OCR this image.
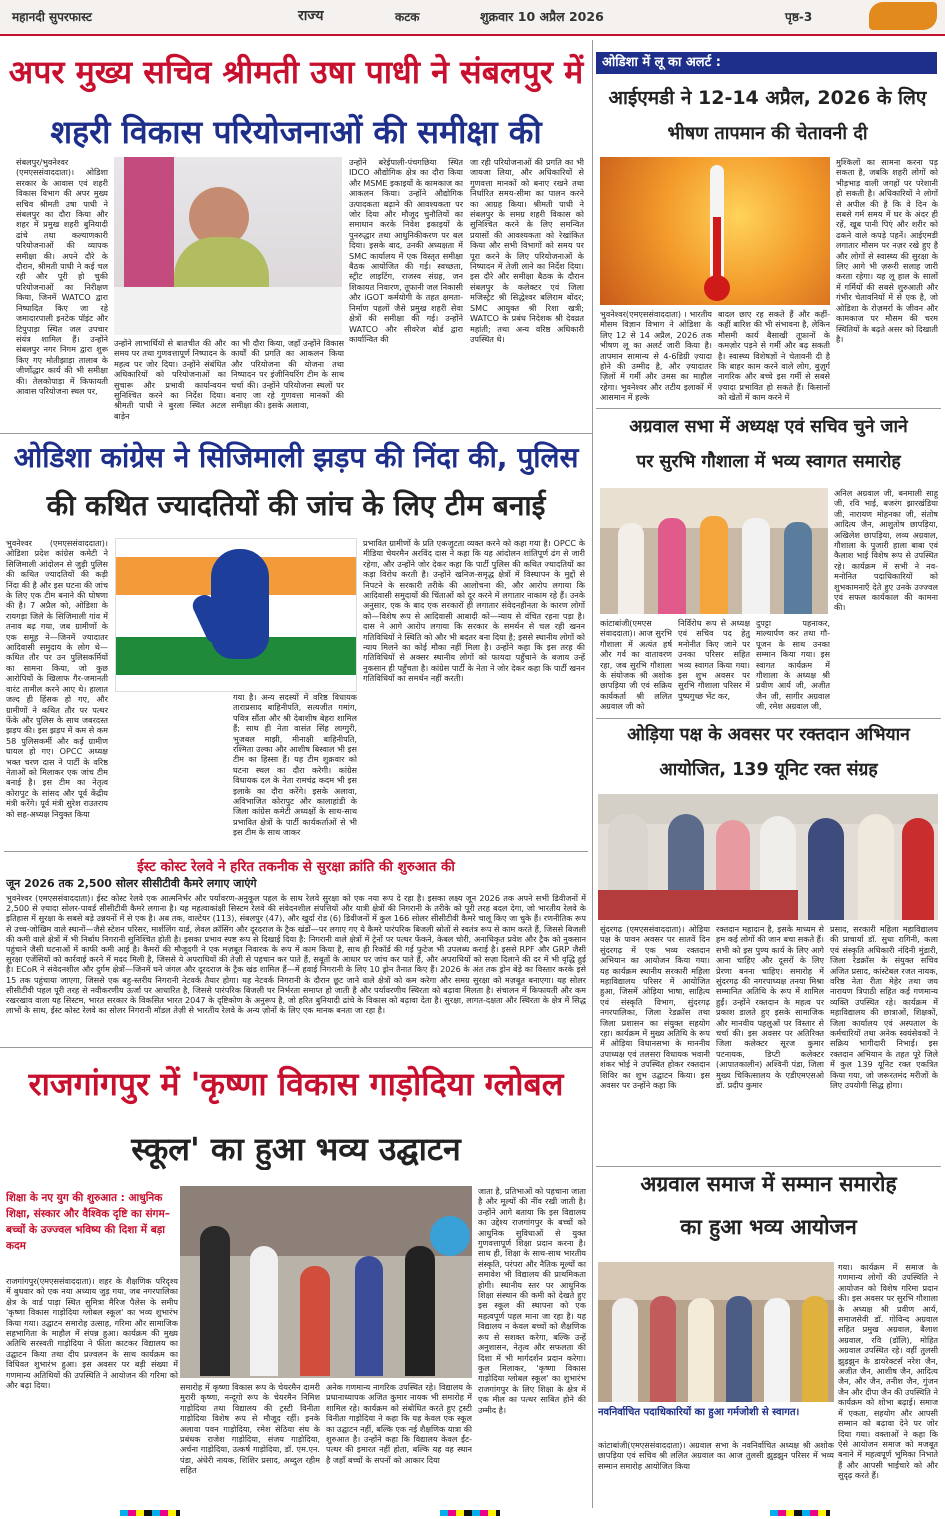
महानदी सुपरफास्ट	राज्य	कटक	शुक्रवार 10 अप्रैल 2026	पृष्ठ-3
अपर मुख्य सचिव श्रीमती उषा पाधी ने संबलपुर में
शहरी विकास परियोजनाओं की समीक्षा की
संबलपुर/भुवनेश्वर (एमएससंवाददाता)। ओडिशा सरकार के आवास एवं शहरी विकास विभाग की अपर मुख्य सचिव श्रीमती उषा पाधी ने संबलपुर का दौरा किया और शहर में प्रमुख शहरी बुनियादी ढांचे तथा कल्याणकारी परियोजनाओं की व्यापक समीक्षा की। अपने दौरे के दौरान, श्रीमती पाधी ने कई चल रही और पूरी हो चुकी परियोजनाओं का निरीक्षण किया, जिनमें WATCO द्वारा निष्पादित किए जा रहे जमादारपाली इनटेक पॉइंट और टिपुपाड़ा स्थित जल उपचार संयंत्र शामिल हैं। उन्होंने संबलपुर नगर निगम द्वारा शुरू किए गए मोतीझाड़ा तालाब के जीर्णोद्धार कार्य की भी समीक्षा की। तेलकोपाड़ा में किफायती आवास परियोजना स्थल पर,
उन्होंने लाभार्थियों से बातचीत की और समय पर तथा गुणवत्तापूर्ण निष्पादन के महत्व पर जोर दिया। उन्होंने संबंधित अधिकारियों को परियोजनाओं का सुचारू और प्रभावी कार्यान्वयन सुनिश्चित करने का निर्देश दिया। श्रीमती पाधी ने बुरला स्थित अटल बाड़ेन
का भी दौरा किया, जहाँ उन्होंने विकास कार्यों की प्रगति का आकलन किया और परियोजना की योजना तथा निष्पादन पर इंजीनियरिंग टीम के साथ चर्चा की। उन्होंने परियोजना स्थलों पर बनाए जा रहे गुणवत्ता मानकों की समीक्षा की। इसके अलावा,
उन्होंने बरेईपाली-पंचगछिया स्थित IDCO औद्योगिक क्षेत्र का दौरा किया और MSME इकाइयों के कामकाज का आकलन किया। उन्होंने औद्योगिक उत्पादकता बढ़ाने की आवश्यकता पर जोर दिया और मौजूद चुनौतियों का समाधान करके निवेश इकाइयों के पुनरुद्धार तथा आधुनिकीकरण पर बल दिया। इसके बाद, उनकी अध्यक्षता में SMC कार्यालय में एक विस्तृत समीक्षा बैठक आयोजित की गई। स्वच्छता, स्ट्रीट लाइटिंग, राजस्व संग्रह, जन शिकायत निवारण, तूफानी जल निकासी और iGOT कर्मयोगी के तहत क्षमता-निर्माण पहलों जैसे प्रमुख शहरी सेवा क्षेत्रों की समीक्षा की गई। उन्होंने WATCO और सीवरेज बोर्ड द्वारा कार्यान्वित की
जा रही परियोजनाओं की प्रगति का भी जायजा लिया, और अधिकारियों से गुणवत्ता मानकों को बनाए रखने तथा निर्धारित समय-सीमा का पालन करने का आग्रह किया। श्रीमती पाधी ने संबलपुर के समग्र शहरी विकास को सुनिश्चित करने के लिए समन्वित प्रयासों की आवश्यकता को रेखांकित किया और सभी विभागों को समय पर पूरा करने के लिए परियोजनाओं के निष्पादन में तेजी लाने का निर्देश दिया। इस दौरे और समीक्षा बैठक के दौरान संबलपुर के कलेक्टर एवं जिला मजिस्ट्रेट श्री सिद्धेश्वर बलिराम बोंदर; SMC आयुक्त श्री रिशा खत्री; WATCO के प्रबंध निदेशक श्री देवव्रत महांती; तथा अन्य वरिष्ठ अधिकारी उपस्थित थे।
ओडिशा कांग्रेस ने सिजिमाली झड़प की निंदा की, पुलिस
की कथित ज्यादतियों की जांच के लिए टीम बनाई
भुवनेश्वर (एमएससंवाददाता)। ओडिशा प्रदेश कांग्रेस कमेटी ने सिजिमाली आंदोलन से जुड़ी पुलिस की कथित ज्यादतियों की कड़ी निंदा की है और इस घटना की जांच के लिए एक टीम बनाने की घोषणा की है। 7 अप्रैल को, ओडिशा के रायगड़ा जिले के सिजिमाली गांव में तनाव बढ़ गया, जब ग्रामीणों के एक समूह ने—जिनमें ज्यादातर आदिवासी समुदाय के लोग थे—कथित तौर पर उन पुलिसकर्मियों का सामना किया, जो कुछ आरोपियों के खिलाफ गैर-जमानती वारंट तामील करने आए थे। हालात जल्द ही हिंसक हो गए, और ग्रामीणों ने कथित तौर पर पत्थर फेंके और पुलिस के साथ जबरदस्त झड़प की। इस झड़प में कम से कम 58 पुलिसकर्मी और कई ग्रामीण घायल हो गए। OPCC अध्यक्ष भक्त चरण दास ने पार्टी के वरिष्ठ नेताओं को मिलाकर एक जांच टीम बनाई है। इस टीम का नेतृत्व कोरापुट के सांसद और पूर्व केंद्रीय मंत्री करेंगे। पूर्व मंत्री सुरेश राउतराय को सह-अध्यक्ष नियुक्त किया
गया है। अन्य सदस्यों में वरिष्ठ विधायक ताराप्रसाद बाहिनीपति, सत्यजीत गमांग, पवित्र सौंता और श्री देबाशीष बेहरा शामिल हैं; साथ ही नेता वासंत सिंह लाग्गुरी, भुजबल माझी, मीनाक्षी बाहिनीपति, रश्मिता उल्का और आशीष बिस्वाल भी इस टीम का हिस्सा हैं। यह टीम शुक्रवार को घटना स्थल का दौरा करेगी। कांग्रेस विधायक दल के नेता रामचंद्र कदम भी इस इलाके का दौरा करेंगे। इसके अलावा, अविभाजित कोरापुट और कालाहांडी के जिला कांग्रेस कमेटी अध्यक्षों के साथ-साथ प्रभावित क्षेत्रों के पार्टी कार्यकर्ताओं से भी इस टीम के साथ जाकर
प्रभावित ग्रामीणों के प्रति एकजुटता व्यक्त करने को कहा गया है। OPCC के मीडिया चेयरमैन अरविंद दास ने कहा कि यह आंदोलन शांतिपूर्ण ढंग से जारी रहेगा, और उन्होंने जोर देकर कहा कि पार्टी पुलिस की कथित ज्यादतियों का कड़ा विरोध करती है। उन्होंने खनिज-समृद्ध क्षेत्रों में विस्थापन के मुद्दों से निपटने के सरकारी तरीके की आलोचना की, और आरोप लगाया कि आदिवासी समुदायों की चिंताओं को दूर करने में लगातार नाकाम रहे हैं। उनके अनुसार, एक के बाद एक सरकारों ही लगातार संवेदनहीनता के कारण लोगों को—विशेष रूप से आदिवासी आबादी को—न्याय से वंचित रहना पड़ा है। दास ने आगे आरोप लगाया कि सरकार के समर्थन से चल रही खनन गतिविधियों ने स्थिति को और भी बदतर बना दिया है; इससे स्थानीय लोगों को न्याय मिलने का कोई मौका नहीं मिला है। उन्होंने कहा कि इस तरह की गतिविधियों से अक्सर स्थानीय लोगों को फायदा पहुँचाने के बजाय उन्हें नुकसान ही पहुँचता है। कांग्रेस पार्टी के नेता ने जोर देकर कहा कि पार्टी खनन गतिविधियों का समर्थन नहीं करती।
ईस्ट कोस्ट रेलवे ने हरित तकनीक से सुरक्षा क्रांति की शुरुआत की
जून 2026 तक 2,500 सोलर सीसीटीवी कैमरे लगाए जाएंगे
भुवनेश्वर (एमएससंवाददाता)। ईस्ट कोस्ट रेलवे एक आत्मनिर्भर और पर्यावरण-अनुकूल पहल के साथ रेलवे सुरक्षा को एक नया रूप दे रहा है। इसका लक्ष्य जून 2026 तक अपने सभी डिवीजनों में 2,500 से ज़्यादा सोलर-पावर्ड सीसीटीवी कैमरे लगाना है। यह महत्वाकांक्षी सिस्टम रेलवे की संवेदनशील संपत्तियों और यात्री क्षेत्रों की निगरानी के तरीके को पूरी तरह बदल देगा, जो भारतीय रेलवे के इतिहास में सुरक्षा के सबसे बड़े उन्नयनों में से एक है। अब तक, वाल्टेयर (113), संबलपुर (47), और खुर्दा रोड (6) डिवीजनों में कुल 166 सोलर सीसीटीवी कैमरे चालू किए जा चुके हैं। रणनीतिक रूप से उच्च-जोखिम वाले स्थानों—जैसे स्टेशन परिसर, मार्शलिंग यार्ड, लेवल क्रॉसिंग और दूरदराज के ट्रैक खंडों—पर लगाए गए ये कैमरे पारंपरिक बिजली स्रोतों से स्वतंत्र रूप से काम करते हैं, जिससे बिजली की कमी वाले क्षेत्रों में भी निर्बाध निगरानी सुनिश्चित होती है। इसका प्रभाव स्पष्ट रूप से दिखाई दिया है: निगरानी वाले क्षेत्रों में ट्रेनों पर पत्थर फेंकने, केबल चोरी, अनाधिकृत प्रवेश और ट्रैक को नुकसान पहुंचाने जैसी घटनाओं में काफी कमी आई है। कैमरों की मौजूदगी ने एक मज़बूत निवारक के रूप में काम किया है, साथ ही रिकॉर्ड की गई फुटेज भी उपलब्ध कराई है। इससे RPF और GRP जैसी सुरक्षा एजेंसियों को कार्रवाई करने में मदद मिली है, जिससे ये अपराधियों की तेज़ी से पहचान कर पाते हैं, सबूतों के आधार पर जांच कर पाते हैं, और अपराधियों को सज़ा दिलाने की दर में भी वृद्धि हुई है। ECoR ने संवेदनशील और दुर्गम क्षेत्रों—जिनमें घने जंगल और दूरदराज के ट्रैक खंड शामिल हैं—में हवाई निगरानी के लिए 10 ड्रोन तैनात किए हैं। 2026 के अंत तक ड्रोन बेड़े का विस्तार करके इसे 15 तक पहुंचाया जाएगा, जिससे एक बहु-स्तरीय निगरानी नेटवर्क तैयार होगा। यह नेटवर्क निगरानी के दौरान छूट जाने वाले क्षेत्रों को कम करेगा और समग्र सुरक्षा को मज़बूत बनाएगा। यह सोलर सीसीटीवी पहल पूरी तरह से नवीकरणीय ऊर्जा पर आधारित है, जिससे पारंपरिक बिजली पर निर्भरता समाप्त हो जाती है और पर्यावरणीय स्थिरता को बढ़ावा मिलता है। संचालन में किफायती और कम रखरखाव वाला यह सिस्टम, भारत सरकार के विकसित भारत 2047 के दृष्टिकोण के अनुरूप है, जो हरित बुनियादी ढांचे के विकास को बढ़ावा देता है। सुरक्षा, लागत-दक्षता और स्थिरता के क्षेत्र में सिद्ध लाभों के साथ, ईस्ट कोस्ट रेलवे का सोलर निगरानी मॉडल तेज़ी से भारतीय रेलवे के अन्य ज़ोनों के लिए एक मानक बनता जा रहा है।
राजगांगपुर में 'कृष्णा विकास गाड़ोदिया ग्लोबल
स्कूल' का हुआ भव्य उद्घाटन
शिक्षा के नए युग की शुरुआत : आधुनिक शिक्षा, संस्कार और वैश्विक दृष्टि का संगम–बच्चों के उज्ज्वल भविष्य की दिशा में बड़ा कदम
जाता है, प्रतिभाओं को पहचाना जाता है और मूल्यों की नींव रखी जाती है। उन्होंने आगे बताया कि इस विद्यालय का उद्देश्य राजगांगपुर के बच्चों को आधुनिक सुविधाओं से युक्त गुणवत्तापूर्ण शिक्षा प्रदान करना है। साथ ही, शिक्षा के साथ-साथ भारतीय संस्कृति, परंपरा और नैतिक मूल्यों का समावेश भी विद्यालय की प्राथमिकता होगी। स्थानीय स्तर पर आधुनिक शिक्षा संस्थान की कमी को देखते हुए इस स्कूल की स्थापना को एक महत्वपूर्ण पहल माना जा रहा है। यह विद्यालय न केवल बच्चों को शैक्षणिक रूप से सशक्त करेगा, बल्कि उन्हें अनुशासन, नेतृत्व और सफलता की दिशा में भी मार्गदर्शन प्रदान करेगा। कुल मिलाकर, 'कृष्णा विकास गाड़ोदिया ग्लोबल स्कूल' का शुभारंभ राजगांगपुर के लिए शिक्षा के क्षेत्र में एक मील का पत्थर साबित होने की उम्मीद है।
राजगांगपुर(एमएससंवाददाता)। शहर के शैक्षणिक परिदृश्य में बुधवार को एक नया अध्याय जुड़ गया, जब नगरपालिका क्षेत्र के वार्ड पाड़ा स्थित सुमित्रा मैरिज पैलेस के समीप 'कृष्णा विकास गाड़ोदिया ग्लोबल स्कूल' का भव्य शुभारंभ किया गया। उद्घाटन समारोह उत्साह, गरिमा और सामाजिक सहभागिता के माहौल में संपन्न हुआ। कार्यक्रम की मुख्य अतिथि सरस्वती गाड़ोदिया ने फीता काटकर विद्यालय का उद्घाटन किया तथा दीप प्रज्वलन के साथ कार्यक्रम का विधिवत शुभारंभ हुआ। इस अवसर पर बड़ी संख्या में गणमान्य अतिथियों की उपस्थिति ने आयोजन की गरिमा को और बढ़ा दिया।	समारोह में कृष्णा विकास रूप के चेयरमैन दामरी मुरारी कृष्णा, नन्दूगो रूप के चेयरमैन निमिश गाड़ोदिया तथा विद्यालय की ट्रस्टी विनीता गाड़ोदिया विशेष रूप से मौजूद रहीं। इनके अलावा पवन गाड़ोदिया, रमेश सेठिया संघ के प्रबंधक राजेश गाड़ोदिया, संजय गाड़ोदिया, अर्चना गाड़ोदिया, उत्कर्ष गाड़ोदिया, डॉ. एम.एन. पंडा, अंधेरी नायक, शिशिर प्रसाद, अब्दुल रहीम सहित
अनेक गणमान्य नागरिक उपस्थित रहे। विद्यालय के प्रधानाध्यापक अजित कुमार नायक भी समारोह में शामिल रहे। कार्यक्रम को संबोधित करते हुए ट्रस्टी विनीता गाड़ोदिया ने कहा कि यह केवल एक स्कूल का उद्घाटन नहीं, बल्कि एक नई शैक्षणिक यात्रा की शुरुआत है। उन्होंने कहा कि विद्यालय केवल ईंट-पत्थर की इमारत नहीं होता, बल्कि यह वह स्थान है जहाँ बच्चों के सपनों को आकार दिया
ओडिशा में लू का अलर्ट :
आईएमडी ने 12-14 अप्रैल, 2026 के लिए
भीषण तापमान की चेतावनी दी
मुश्किलों का सामना करना पड़ सकता है, जबकि शहरी लोगों को भीड़भाड़ वाली जगहों पर परेशानी हो सकती है। अधिकारियों ने लोगों से अपील की है कि वे दिन के सबसे गर्म समय में घर के अंदर ही रहें, खूब पानी पिएं और शरीर को ढकने वाले कपड़े पहनें। आईएमडी लगातार मौसम पर नज़र रखे हुए है और लोगों से स्वास्थ्य की सुरक्षा के लिए आगे भी ज़रूरी सलाह जारी करता रहेगा। यह लू हाल के सालों में गर्मियों की सबसे शुरुआती और गंभीर चेतावनियों में से एक है, जो ओडिशा के रोज़मर्रा के जीवन और कामकाज पर मौसम की चरम स्थितियों के बढ़ते असर को दिखाती है।
भुवनेश्वर(एमएससंवाददाता) । भारतीय मौसम विज्ञान विभाग ने ओडिशा के लिए 12 से 14 अप्रैल, 2026 तक भीषण लू का अलर्ट जारी किया है। तापमान सामान्य से 4-6डिग्री ज़्यादा होने की उम्मीद है, और ज़्यादातर ज़िलों में गर्मी और उमस का माहौल रहेगा। भुवनेश्वर और तटीय इलाकों में आसमान में हल्के
बादल छाए रह सकते हैं और कहीं-कहीं बारिश की भी संभावना है, लेकिन मौसमी कार्य बैसाखी तूफ़ानों के कमज़ोर पड़ने से गर्मी और बढ़ सकती है। स्वास्थ्य विशेषज्ञों ने चेतावनी दी है कि बाहर काम करने वाले लोग, बुज़ुर्ग नागरिक और बच्चे इस गर्मी से सबसे ज़्यादा प्रभावित हो सकते हैं। किसानों को खेतों में काम करने में
अग्रवाल सभा में अध्यक्ष एवं सचिव चुने जाने
पर सुरभि गौशाला में भव्य स्वागत समारोह
अनिल अग्रवाल जी, बनमाली साहू जी, रवि भाई, बजरंग झारखंडिया जी, नारायण मोहनका जी, संतोष आदित्य जैन, आशुतोष छापड़िया, अखिलेश छापड़िया, लव्य अग्रवाल, गौशाला के पुजारी हाला बाबा एवं कैलाश भाई विशेष रूप से उपस्थित रहे। कार्यक्रम में सभी ने नव-मनोनित पदाधिकारियों को शुभकामनाएँ देते हुए उनके उज्ज्वल एवं सफल कार्यकाल की कामना की।
कांटाबांजी(एमएस संवाददाता)। आज सुरभि गौशाला में अत्यंत हर्ष और गर्व का वातावरण रहा, जब सुरभि गौशाला के संयोजक श्री अशोक छापड़िया जी एवं सक्रिय कार्यकर्ता श्री ललित अग्रवाल जी को
निर्विरोध रूप से अध्यक्ष एवं सचिव पद हेतु मनोनीत किए जाने पर उनका परिसर सहित भव्य स्वागत किया गया। इस शुभ अवसर पर सुरभि गौशाला परिसर में पुष्पगुच्छ भेंट कर,
दुपट्टा पहनाकर, माल्यार्पण कर तथा गौ-पूजन के साथ उनका सम्मान किया गया। इस स्वागत कार्यक्रम में गौशाला के अध्यक्ष श्री प्रवीण आर्य जी, अजीत जैन जी, सागीर अग्रवाल जी, रमेश अग्रवाल जी,
ओड़िया पक्ष के अवसर पर रक्तदान अभियान
आयोजित, 139 यूनिट रक्त संग्रह
सुंदरगढ़ (एमएससंवाददाता)। ओड़िया पक्ष के पावन अवसर पर सातवें दिन सुंदरगढ़ में एक भव्य रक्तदान अभियान का आयोजन किया गया। यह कार्यक्रम स्थानीय सरकारी महिला महाविद्यालय परिसर में आयोजित हुआ, जिसमें ओड़िया भाषा, साहित्य एवं संस्कृति विभाग, सुंदरगढ़ नगरपालिका, जिला रेडक्रॉस तथा जिला प्रशासन का संयुक्त सहयोग रहा। कार्यक्रम में मुख्य अतिथि के रूप में ओड़िया विधानसभा के माननीय उपाध्यक्ष एवं तलसरा विधायक भवानी शंकर भोई ने उपस्थित होकर रक्तदान शिविर का शुभ उद्घाटन किया। इस अवसर पर उन्होंने कहा कि
रक्तदान महादान है, इसके माध्यम से हम कई लोगों की जान बचा सकते हैं। सभी को इस पुण्य कार्य के लिए आगे आना चाहिए और दूसरों के लिए प्रेरणा बनना चाहिए। समारोह में सुंदरगढ़ की नगरपाध्यक्ष तनया मिश्रा सम्मानित अतिथि के रूप में शामिल हुईं। उन्होंने रक्तदान के महत्व पर प्रकाश डालते हुए इसके सामाजिक और मानवीय पहलुओं पर विस्तार से चर्चा की। इस अवसर पर अतिरिक्त जिला कलेक्टर सूरज कुमार पटनायक, डिप्टी कलेक्टर (आपातकालीन) अश्विनी पंडा, जिला मुख्य चिकित्सालय के एडीएमएसओ डॉ. प्रदीप कुमार
प्रसाद, सरकारी महिला महाविद्यालय की प्राचार्या डॉ. सुधा रागिनी, कला एवं संस्कृति अधिकारी नंदिनी मुंडारी, जिला रेडक्रॉस के संयुक्त सचिव अजित प्रसाद, कांस्टेबल रजत नायक, वरिष्ठ नेता रीता मेहेर तथा जय नारायण त्रिपाठी सहित कई गणमान्य व्यक्ति उपस्थित रहे। कार्यक्रम में महाविद्यालय की छात्राओं, शिक्षकों, जिला कार्यालय एवं अस्पताल के कर्मचारियों तथा अनेक स्वयंसेवकों ने सक्रिय भागीदारी निभाई। इस रक्तदान अभियान के तहत पूरे जिले में कुल 139 यूनिट रक्त एकत्रित किया गया, जो जरूरतमंद मरीजों के लिए उपयोगी सिद्ध होगा।
अग्रवाल समाज में सम्मान समारोह
का हुआ भव्य आयोजन
गया। कार्यक्रम में समाज के गणमान्य लोगों की उपस्थिति ने आयोजन को विशेष गरिमा प्रदान की। इस अवसर पर सुरभि गौशाला के अध्यक्ष श्री प्रवीण आर्य, समाजसेवी डॉ. गोविन्द अग्रवाल सहित प्रमुख अग्रवाल, बैलाश अग्रवाल, रवि (डॉलि), मोहित अग्रवाल उपस्थित रहे। वहीं तुलसी झुड़झुन के डायरेक्टर्स नरेश जैन, अजीत जैन, आशीष जैन, आदित्य जैन, और जैन, तनीश जैन, गुंजन जैन और दीपा जैन की उपस्थिति ने कार्यक्रम को शोभा बढ़ाई। समाज में एकता, सहयोग और आपसी सम्मान को बढ़ावा देने पर जोर दिया गया। वक्ताओं ने कहा कि ऐसे आयोजन समाज को मजबूत बनाने में महत्वपूर्ण भूमिका निभाते हैं और आपसी भाईचारे को और सुदृढ़ करते हैं।
नवनिर्वाचित पदाधिकारियों का हुआ गर्मजोशी से स्वागत।
कांटाबांजी(एमएससंवाददाता)। अग्रवाल सभा के नवनिर्वाचित अध्यक्ष श्री अशोक छापड़िया एवं सचिव श्री ललित अग्रवाल का आज तुलसी झुड़झुन परिसर में भव्य सम्मान समारोह आयोजित किया
